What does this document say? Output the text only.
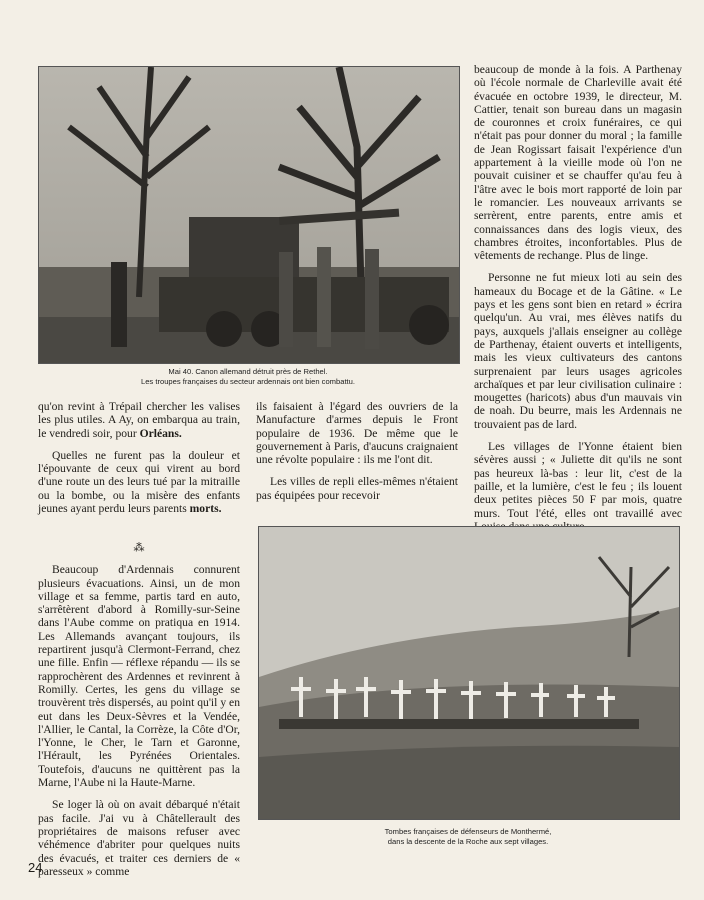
Mai 40. Canon allemand détruit près de Rethel.
Les troupes françaises du secteur ardennais ont bien combattu.

beaucoup de monde à la fois. A Parthenay où l'école normale de Charleville avait été évacuée en octobre 1939, le directeur, M. Cattier, tenait son bureau dans un magasin de couronnes et croix funéraires, ce qui n'était pas pour donner du moral ; la famille de Jean Rogissart faisait l'expérience d'un appartement à la vieille mode où l'on ne pouvait cuisiner et se chauffer qu'au feu à l'âtre avec le bois mort rapporté de loin par le romancier. Les nouveaux arrivants se serrèrent, entre parents, entre amis et connaissances dans des logis vieux, des chambres étroites, inconfortables. Plus de vêtements de rechange. Plus de linge.

Personne ne fut mieux loti au sein des hameaux du Bocage et de la Gâtine. « Le pays et les gens sont bien en retard » écrira quelqu'un. Au vrai, mes élèves natifs du pays, auxquels j'allais enseigner au collège de Parthenay, étaient ouverts et intelligents, mais les vieux cultivateurs des cantons surprenaient par leurs usages agricoles archaïques et par leur civilisation culinaire : mougettes (haricots) abus d'un mauvais vin de noah. Du beurre, mais les Ardennais ne trouvaient pas de lard.

Les villages de l'Yonne étaient bien sévères aussi ; « Juliette dit qu'ils ne sont pas heureux là-bas : leur lit, c'est de la paille, et la lumière, c'est le feu ; ils louent deux petites pièces 50 F par mois, quatre murs. Tout l'été, elles ont travaillé avec

qu'on revint à Trépail chercher les valises les plus utiles. A Ay, on embarqua au train, le vendredi soir, pour Orléans.

Quelles ne furent pas la douleur et l'épouvante de ceux qui virent au bord d'une route un des leurs tué par la mitraille ou la bombe, ou la misère des enfants jeunes ayant perdu leurs parents morts.

ils faisaient à l'égard des ouvriers de la Manufacture d'armes depuis le Front populaire de 1936. De même que le gouvernement à Paris, d'aucuns craignaient une révolte populaire : ils me l'ont dit.

Les villes de repli elles-mêmes n'étaient pas équipées pour recevoir

⁂

Beaucoup d'Ardennais connurent plusieurs évacuations. Ainsi, un de mon village et sa femme, partis tard en auto, s'arrêtèrent d'abord à Romilly-sur-Seine dans l'Aube comme on pratiqua en 1914. Les Allemands avançant toujours, ils repartirent jusqu'à Clermont-Ferrand, chez une fille. Enfin — réflexe répandu — ils se rapprochèrent des Ardennes et revinrent à Romilly. Certes, les gens du village se trouvèrent très dispersés, au point qu'il y en eut dans les Deux-Sèvres et la Vendée, l'Allier, le Cantal, la Corrèze, la Côte d'Or, l'Yonne, le Cher, le Tarn et Garonne, l'Hérault, les Pyrénées Orientales. Toutefois, d'aucuns ne quittèrent pas la Marne, l'Aube ni la Haute-Marne.

Se loger là où on avait débarqué n'était pas facile. J'ai vu à Châtellerault des propriétaires de maisons refuser avec véhémence d'abriter pour quelques nuits des évacués, et traiter ces derniers de « paresseux » comme

Tombes françaises de défenseurs de Monthermé,
dans la descente de la Roche aux sept villages.
24
